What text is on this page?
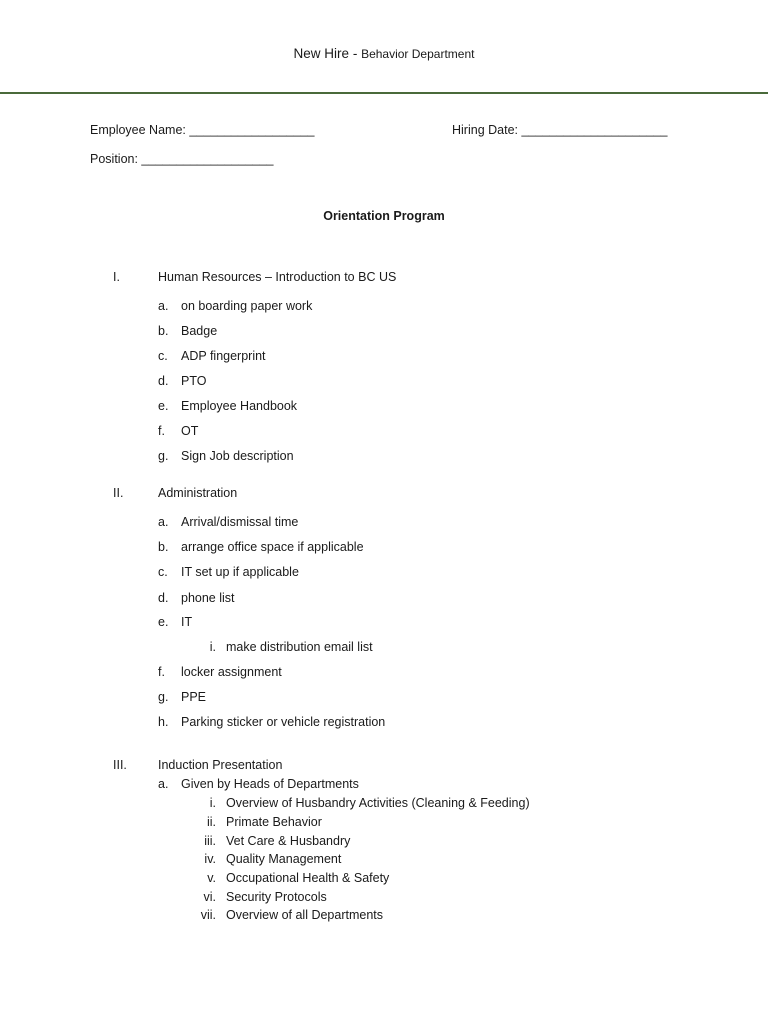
New Hire - Behavior Department
Employee Name: __________________	Hiring Date: _____________________
Position: ___________________
Orientation Program
I.	Human Resources – Introduction to BC US
a. on boarding paper work
b. Badge
c. ADP fingerprint
d. PTO
e. Employee Handbook
f. OT
g. Sign Job description
II.	Administration
a. Arrival/dismissal time
b. arrange office space if applicable
c. IT set up if applicable
d. phone list
e. IT
i. make distribution email list
f. locker assignment
g. PPE
h. Parking sticker or vehicle registration
III. Induction Presentation
a. Given by Heads of Departments
i. Overview of Husbandry Activities (Cleaning & Feeding)
ii. Primate Behavior
iii. Vet Care & Husbandry
iv. Quality Management
v. Occupational Health & Safety
vi. Security Protocols
vii. Overview of all Departments
